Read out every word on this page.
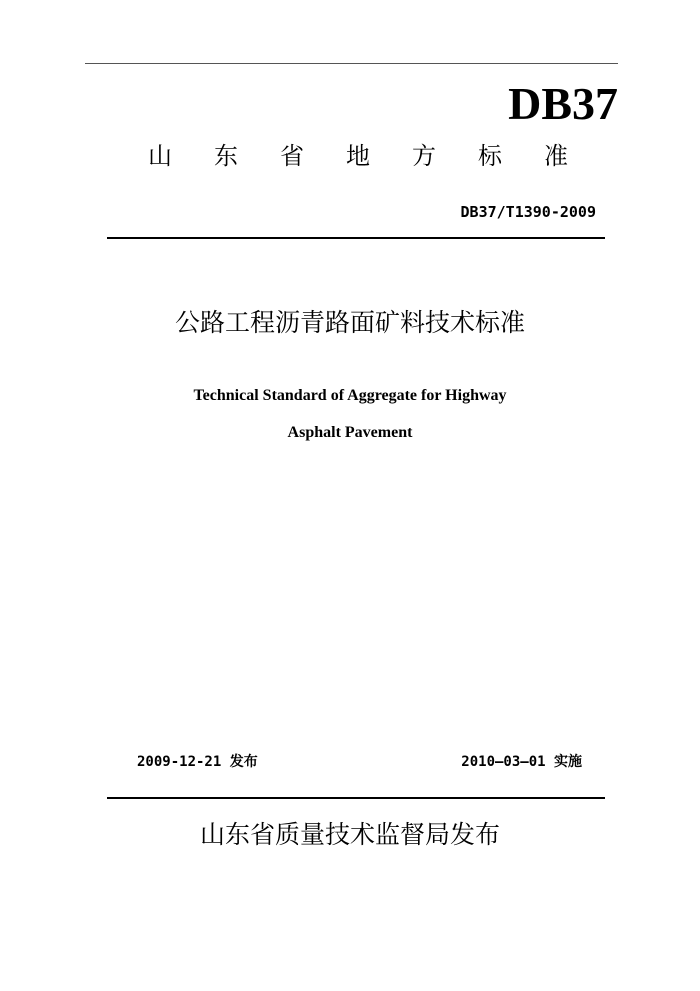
DB37
山 东 省 地 方 标 准
DB37/T1390-2009
公路工程沥青路面矿料技术标准
Technical Standard of Aggregate for Highway
Asphalt Pavement
2009-12-21 发布	2010—03—01 实施
山东省质量技术监督局发布
